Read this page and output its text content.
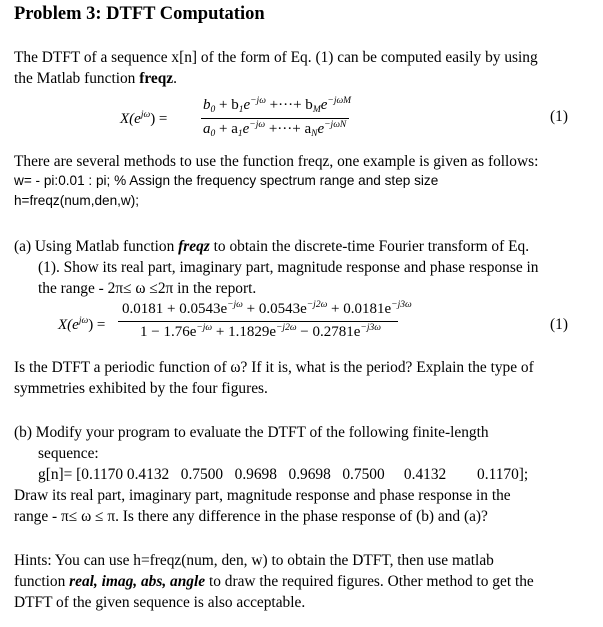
Problem 3: DTFT Computation
The DTFT of a sequence x[n] of the form of Eq. (1) can be computed easily by using
the Matlab function freqz.
$X(e^{j\omega})$ =
$b_0 + b_1e^{-j\omega}$ +···+ $b_Me^{-j\omega M}$
$a_0 + a_1e^{-j\omega}$ +···+ $a_Ne^{-j\omega N}$	(1)
There are several methods to use the function freqz, one example is given as follows:
w= - pi:0.01 : pi; % Assign the frequency spectrum range and step size
h=freqz(num,den,w);
(a) Using Matlab function freqz to obtain the discrete-time Fourier transform of Eq.
(1). Show its real part, imaginary part, magnitude response and phase response in
the range - 2π≤ ω ≤2π in the report.
$X(e^{j\omega})$ =
$0.0181 + 0.0543e^{-j\omega} + 0.0543e^{-j2\omega} + 0.0181e^{-j3\omega}$
$1 - 1.76e^{-j\omega} + 1.1829e^{-j2\omega} - 0.2781e^{-j3\omega}$	(1)
Is the DTFT a periodic function of ω? If it is, what is the period? Explain the type of
symmetries exhibited by the four figures.
(b) Modify your program to evaluate the DTFT of the following finite-length
sequence:
g[n]= [0.1170 0.4132   0.7500   0.9698   0.9698   0.7500     0.4132        0.1170];
Draw its real part, imaginary part, magnitude response and phase response in the
range - π≤ ω ≤ π. Is there any difference in the phase response of (b) and (a)?
Hints: You can use h=freqz(num, den, w) to obtain the DTFT, then use matlab
function real, imag, abs, angle to draw the required figures. Other method to get the
DTFT of the given sequence is also acceptable.
